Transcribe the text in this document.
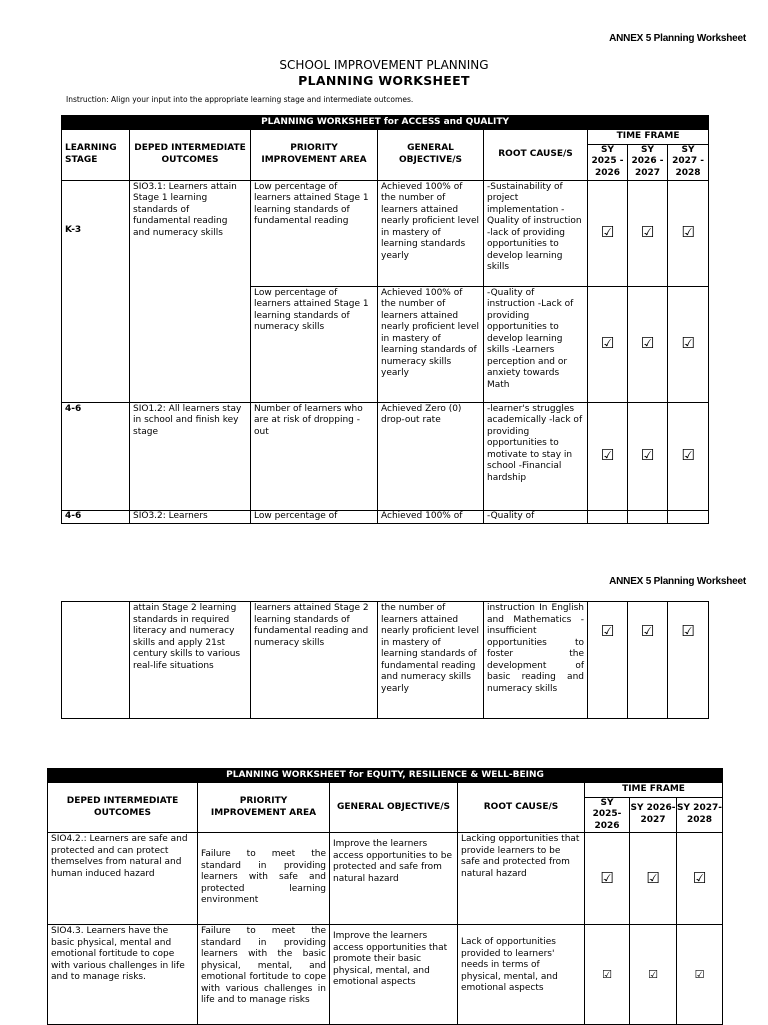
ANNEX 5 Planning Worksheet
SCHOOL IMPROVEMENT PLANNING
PLANNING WORKSHEET
Instruction: Align your input into the appropriate learning stage and intermediate outcomes.
PLANNING WORKSHEET for ACCESS and QUALITY							
LEARNING STAGE	DEPED INTERMEDIATE OUTCOMES	PRIORITY IMPROVEMENT AREA	GENERAL OBJECTIVE/S	ROOT CAUSE/S	TIME FRAME		
					SY 2025 - 2026	SY 2026 - 2027	SY 2027 - 2028

K-3	SIO3.1: Learners attain Stage 1 learning standards of fundamental reading and numeracy skills	Low percentage of learners attained Stage 1 learning standards of fundamental reading	Achieved 100% of the number of learners attained nearly proficient level in mastery of learning standards yearly	-Sustainability of project implementation -Quality of instruction -lack of providing opportunities to develop learning skills	☑	☑	☑
		Low percentage of learners attained Stage 1 learning standards of numeracy skills	Achieved 100% of the number of learners attained nearly proficient level in mastery of learning standards of numeracy skills yearly	-Quality of instruction -Lack of providing opportunities to develop learning skills -Learners perception and or anxiety towards Math	☑	☑	☑
4-6	SIO1.2: All learners stay in school and finish key stage	Number of learners who are at risk of dropping -out	Achieved Zero (0) drop-out rate	-learner's struggles academically -lack of providing opportunities to motivate to stay in school -Financial hardship	☑	☑	☑
4-6	SIO3.2: Learners	Low percentage of	Achieved 100% of	-Quality of			
ANNEX 5 Planning Worksheet
	attain Stage 2 learning standards in required literacy and numeracy skills and apply 21st century skills to various real-life situations	learners attained Stage 2 learning standards of fundamental reading and numeracy skills	the number of learners attained nearly proficient level in mastery of learning standards of fundamental reading and numeracy skills yearly	instruction In English and Mathematics - insufficient opportunities to foster the development of basic reading and numeracy skills	☑	☑	☑
PLANNING WORKSHEET for EQUITY, RESILIENCE & WELL-BEING						
DEPED INTERMEDIATE OUTCOMES	PRIORITY IMPROVEMENT AREA	GENERAL OBJECTIVE/S	ROOT CAUSE/S	TIME FRAME		
				SY 2025- 2026	SY 2026- 2027	SY 2027- 2028
SIO4.2.: Learners are safe and protected and can protect themselves from natural and human induced hazard	Failure to meet the standard in providing learners with safe and protected learning environment	Improve the learners access opportunities to be protected and safe from natural hazard	Lacking opportunities that provide learners to be safe and protected from natural hazard	☑	☑	☑
SIO4.3. Learners have the basic physical, mental and emotional fortitude to cope with various challenges in life and to manage risks.	Failure to meet the standard in providing learners with the basic physical, mental, and emotional fortitude to cope with various challenges in life and to manage risks	Improve the learners access opportunities that promote their basic physical, mental, and emotional aspects	Lack of opportunities provided to learners' needs in terms of physical, mental, and emotional aspects	☑	☑	☑
